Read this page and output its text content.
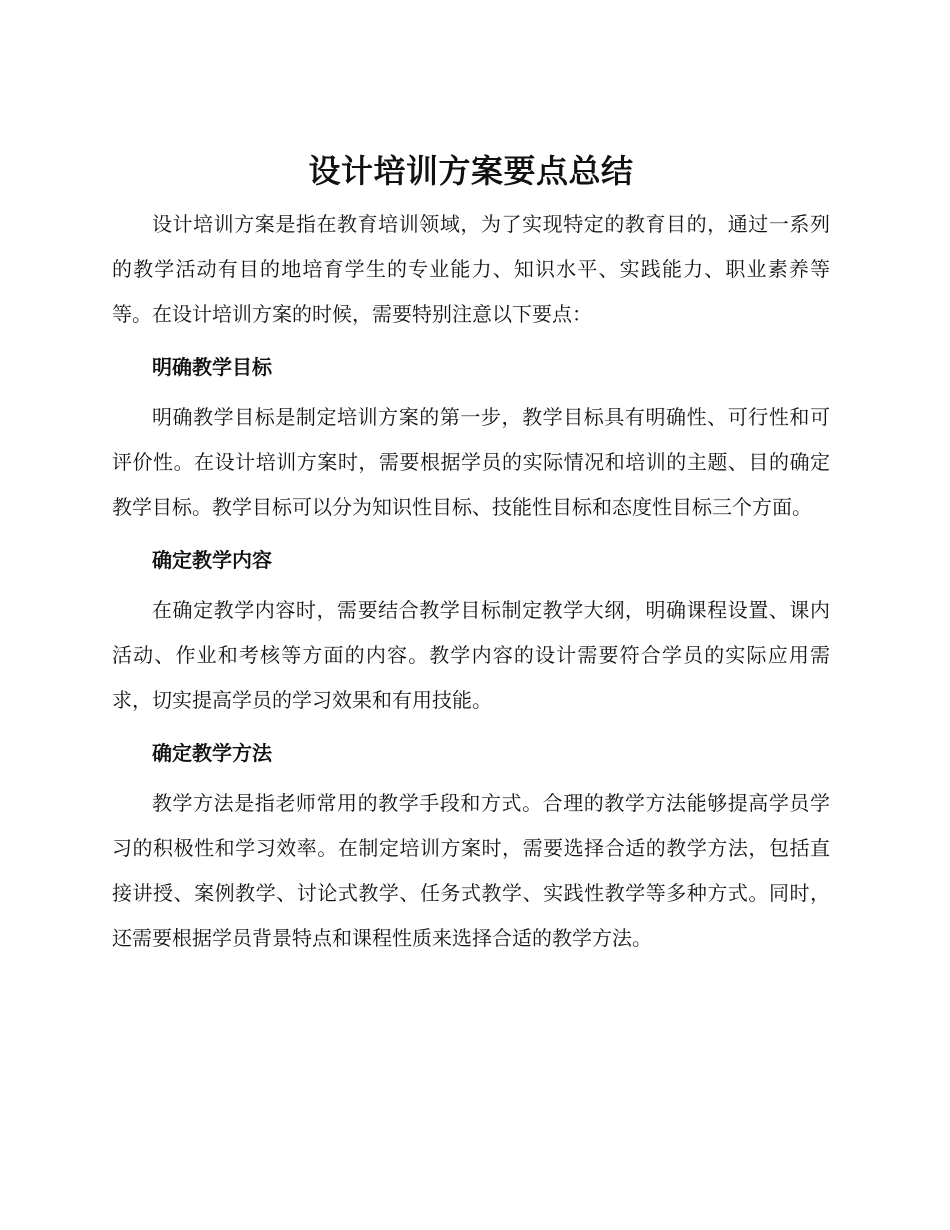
设计培训方案要点总结

设计培训方案是指在教育培训领域，为了实现特定的教育目的，通过一系列的教学活动有目的地培育学生的专业能力、知识水平、实践能力、职业素养等等。在设计培训方案的时候，需要特别注意以下要点：

明确教学目标

明确教学目标是制定培训方案的第一步，教学目标具有明确性、可行性和可评价性。在设计培训方案时，需要根据学员的实际情况和培训的主题、目的确定教学目标。教学目标可以分为知识性目标、技能性目标和态度性目标三个方面。

确定教学内容

在确定教学内容时，需要结合教学目标制定教学大纲，明确课程设置、课内活动、作业和考核等方面的内容。教学内容的设计需要符合学员的实际应用需求，切实提高学员的学习效果和有用技能。

确定教学方法

教学方法是指老师常用的教学手段和方式。合理的教学方法能够提高学员学习的积极性和学习效率。在制定培训方案时，需要选择合适的教学方法，包括直接讲授、案例教学、讨论式教学、任务式教学、实践性教学等多种方式。同时，还需要根据学员背景特点和课程性质来选择合适的教学方法。
